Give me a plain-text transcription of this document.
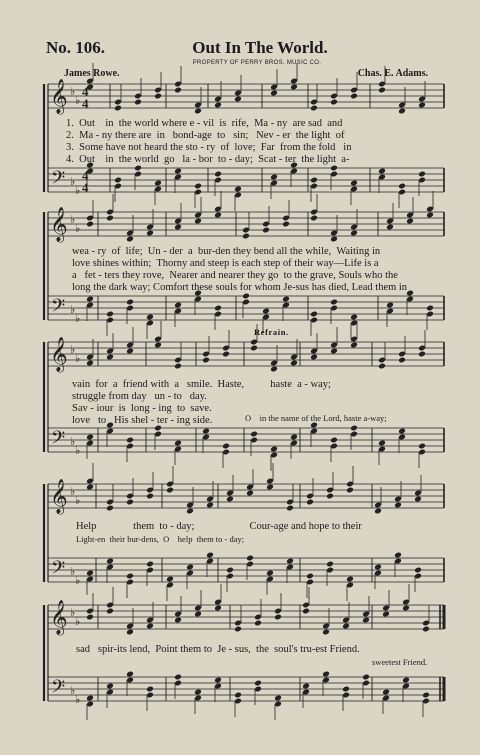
No. 106.	Out In The World.
PROPERTY OF PERRY BROS. MUSIC CO.
James Rowe.	Chas. E. Adams.
𝄞
𝄢
♭
♭
♭
♭
𝄞
𝄢
♭
♭
♭
♭
𝄞
𝄢
♭
♭
♭
♭
𝄞
𝄢
♭
♭
♭
♭
𝄞
𝄢
♭
♭
♭
♭
4
4
4
4
1.  Out    in  the world where e - vil  is  rife,  Ma - ny  are sad  and
2.  Ma - ny there are  in   bond-age  to   sin;   Nev - er  the light  of
3.  Some have not heard the sto - ry  of  love;  Far  from the fold   in
4.  Out    in  the world  go   la - bor  to - day;  Scat - ter  the light  a-
wea - ry  of  life;  Un - der  a  bur-den they bend all the while,  Waiting in
love shines within;  Thorny and steep is each step of their way—Life is a
a   fet - ters they rove,  Nearer and nearer they go  to the grave, Souls who the
long the dark way; Comfort these souls for whom Je-sus has died, Lead them in
Refrain.
vain  for  a  friend with  a   smile.  Haste,          haste  a - way;
struggle from day   un - to   day.
Sav - iour  is  long - ing  to  save.
love   to   His shel - ter - ing side.	O    in the name of the Lord, haste a-way;
Help              them  to - day;                     Cour-age and hope to their
Light-en  their bur-dens,  O    help  them to - day;
sad   spir-its lend,  Point them to  Je - sus,  the  soul's tru-est Friend.
sweetest Friend.
